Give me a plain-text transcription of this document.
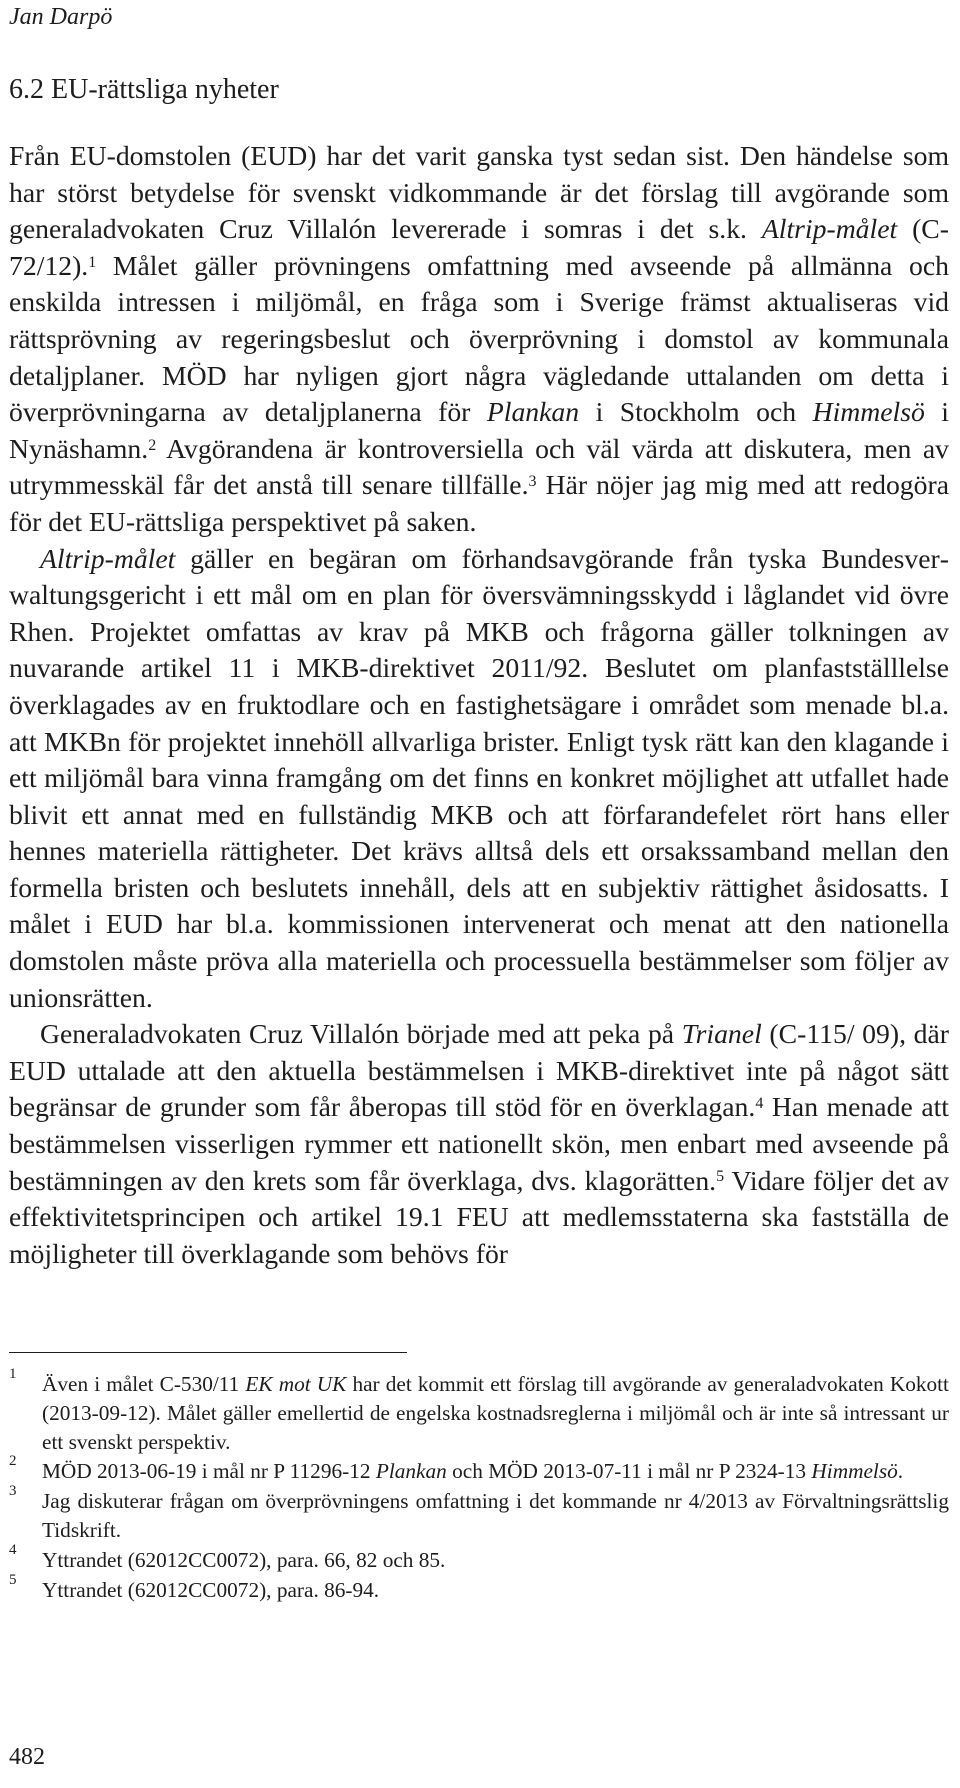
Jan Darpö
6.2 EU-rättsliga nyheter

Från EU-domstolen (EUD) har det varit ganska tyst sedan sist. Den händelse som har störst betydelse för svenskt vidkommande är det förslag till avgörande som generaladvokaten Cruz Villalón levererade i somras i det s.k. Altrip-målet (C-72/12).$^1$ Målet gäller prövningens omfattning med avseende på allmänna och enskilda intressen i miljömål, en fråga som i Sverige främst aktualiseras vid rättsprövning av regeringsbeslut och överprövning i domstol av kommunala detaljplaner. MÖD har nyligen gjort några vägledande uttalanden om detta i överprövningarna av detaljplanerna för Plankan i Stockholm och Himmelsö i Nynäshamn.$^2$ Avgörandena är kontroversiella och väl värda att diskutera, men av utrymmesskäl får det anstå till senare tillfälle.$^3$ Här nöjer jag mig med att redogöra för det EU-rättsliga perspektivet på saken.

Altrip-målet gäller en begäran om förhandsavgörande från tyska Bundesverwaltungsgericht i ett mål om en plan för översvämningsskydd i låglandet vid övre Rhen. Projektet omfattas av krav på MKB och frågorna gäller tolkningen av nuvarande artikel 11 i MKB-direktivet 2011/92. Beslutet om planfastställlelse överklagades av en fruktodlare och en fastighetsägare i området som menade bl.a. att MKBn för projektet innehöll allvarliga brister. Enligt tysk rätt kan den klagande i ett miljömål bara vinna framgång om det finns en konkret möjlighet att utfallet hade blivit ett annat med en fullständig MKB och att förfarandefelet rört hans eller hennes materiella rättigheter. Det krävs alltså dels ett orsakssamband mellan den formella bristen och beslutets innehåll, dels att en subjektiv rättighet åsidosatts. I målet i EUD har bl.a. kommissionen intervenerat och menat att den nationella domstolen måste pröva alla materiella och processuella bestämmelser som följer av unionsrätten.

Generaladvokaten Cruz Villalón började med att peka på Trianel (C-115/ 09), där EUD uttalade att den aktuella bestämmelsen i MKB-direktivet inte på något sätt begränsar de grunder som får åberopas till stöd för en överklagan.$^4$ Han menade att bestämmelsen visserligen rymmer ett nationellt skön, men enbart med avseende på bestämningen av den krets som får överklaga, dvs. klagorätten.$^5$ Vidare följer det av effektivitetsprincipen och artikel 19.1 FEU att medlemsstaterna ska fastställa de möjligheter till överklagande som behövs för

1 Även i målet C-530/11 EK mot UK har det kommit ett förslag till avgörande av generaladvokaten Kokott (2013-09-12). Målet gäller emellertid de engelska kostnadsreglerna i miljömål och är inte så intressant ur ett svenskt perspektiv.
2 MÖD 2013-06-19 i mål nr P 11296-12 Plankan och MÖD 2013-07-11 i mål nr P 2324-13 Himmelsö.
3 Jag diskuterar frågan om överprövningens omfattning i det kommande nr 4/2013 av Förvaltningsrättslig Tidskrift.
4 Yttrandet (62012CC0072), para. 66, 82 och 85.
5 Yttrandet (62012CC0072), para. 86-94.
482
